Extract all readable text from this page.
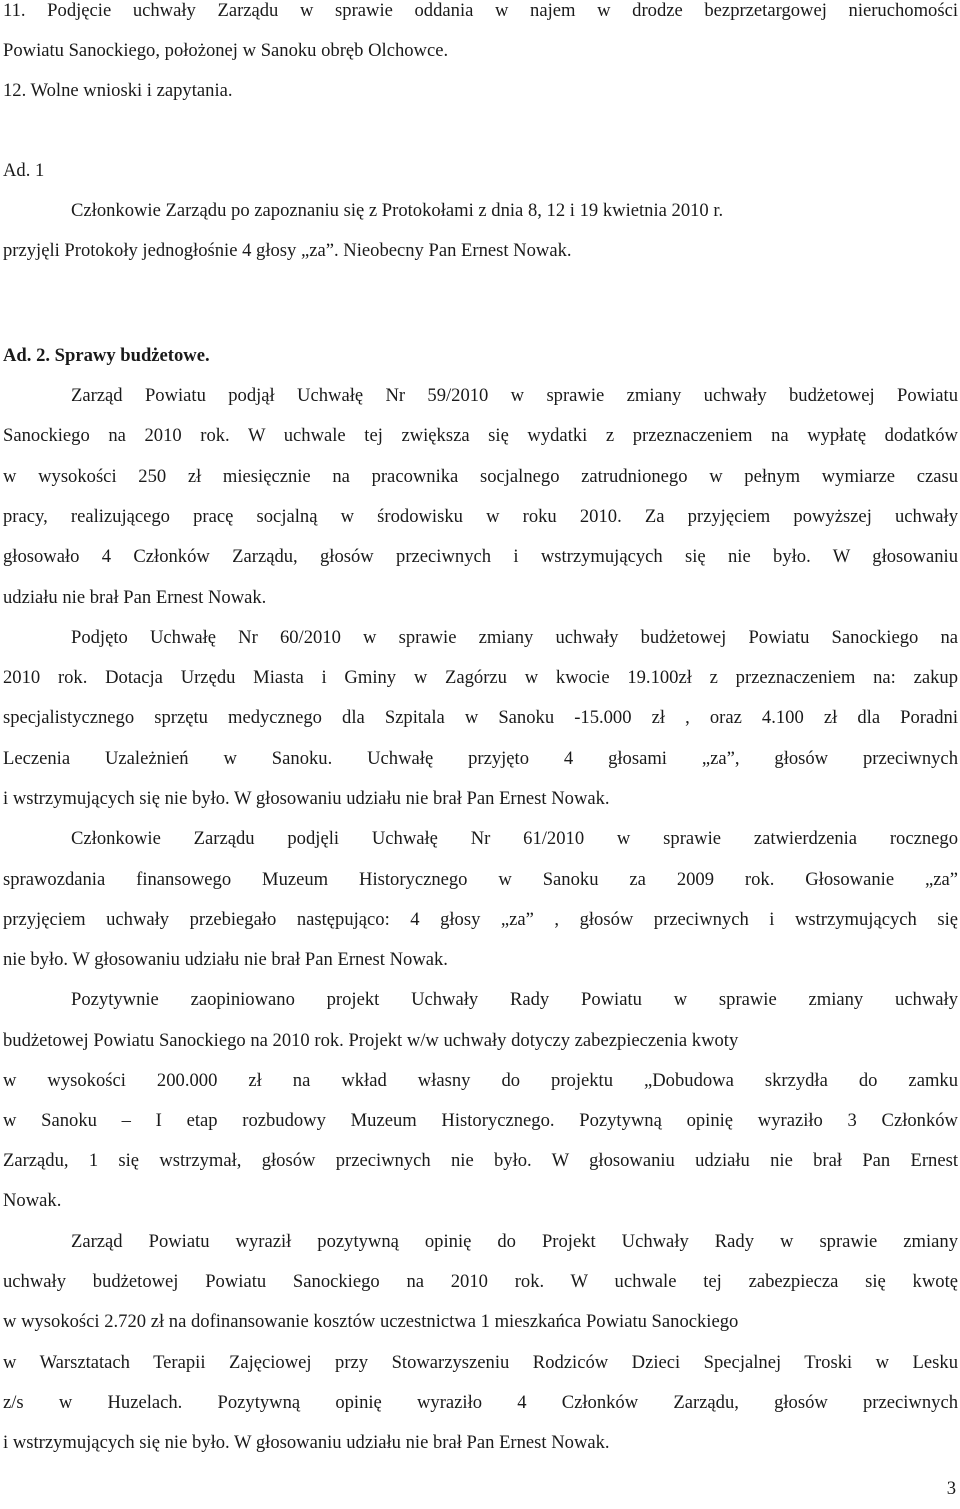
11. Podjęcie uchwały Zarządu w sprawie oddania w najem w drodze bezprzetargowej nieruchomości
Powiatu Sanockiego, położonej w Sanoku obręb Olchowce.
12. Wolne wnioski i zapytania.
Ad. 1
Członkowie Zarządu po zapoznaniu się z Protokołami z dnia 8, 12 i 19 kwietnia 2010 r.
przyjęli Protokoły jednogłośnie 4 głosy „za”. Nieobecny Pan Ernest Nowak.
Ad. 2. Sprawy budżetowe.
Zarząd Powiatu podjął Uchwałę Nr 59/2010 w sprawie zmiany uchwały budżetowej Powiatu
Sanockiego na 2010 rok. W uchwale tej zwiększa się wydatki z przeznaczeniem na wypłatę dodatków
w wysokości 250 zł miesięcznie na pracownika socjalnego zatrudnionego w pełnym wymiarze czasu
pracy, realizującego pracę socjalną w środowisku w roku 2010. Za przyjęciem powyższej uchwały
głosowało 4 Członków Zarządu, głosów przeciwnych i wstrzymujących się nie było. W głosowaniu
udziału nie brał Pan Ernest Nowak.
Podjęto Uchwałę Nr 60/2010 w sprawie zmiany uchwały budżetowej Powiatu Sanockiego na
2010 rok. Dotacja Urzędu Miasta i Gminy w Zagórzu w kwocie 19.100zł z przeznaczeniem na: zakup
specjalistycznego sprzętu medycznego dla Szpitala w Sanoku -15.000 zł , oraz 4.100 zł dla Poradni
Leczenia Uzależnień w Sanoku. Uchwałę przyjęto 4 głosami „za”, głosów przeciwnych
i wstrzymujących się nie było. W głosowaniu udziału nie brał Pan Ernest Nowak.
Członkowie Zarządu podjęli Uchwałę Nr 61/2010 w sprawie zatwierdzenia rocznego
sprawozdania finansowego Muzeum Historycznego w Sanoku za 2009 rok. Głosowanie „za”
przyjęciem uchwały przebiegało następująco: 4 głosy „za” , głosów przeciwnych i wstrzymujących się
nie było. W głosowaniu udziału nie brał Pan Ernest Nowak.
Pozytywnie zaopiniowano projekt Uchwały Rady Powiatu w sprawie zmiany uchwały
budżetowej Powiatu Sanockiego na 2010 rok. Projekt w/w uchwały dotyczy zabezpieczenia kwoty
w wysokości 200.000 zł na wkład własny do projektu „Dobudowa skrzydła do zamku
w Sanoku – I etap rozbudowy Muzeum Historycznego. Pozytywną opinię wyraziło 3 Członków
Zarządu, 1 się wstrzymał, głosów przeciwnych nie było. W głosowaniu udziału nie brał Pan Ernest
Nowak.
Zarząd Powiatu wyraził pozytywną opinię do Projekt Uchwały Rady w sprawie zmiany
uchwały budżetowej Powiatu Sanockiego na 2010 rok. W uchwale tej zabezpiecza się kwotę
w wysokości 2.720 zł na dofinansowanie kosztów uczestnictwa 1 mieszkańca Powiatu Sanockiego
w Warsztatach Terapii Zajęciowej przy Stowarzyszeniu Rodziców Dzieci Specjalnej Troski w Lesku
z/s w Huzelach. Pozytywną opinię wyraziło 4 Członków Zarządu, głosów przeciwnych
i wstrzymujących się nie było. W głosowaniu udziału nie brał Pan Ernest Nowak.
3
